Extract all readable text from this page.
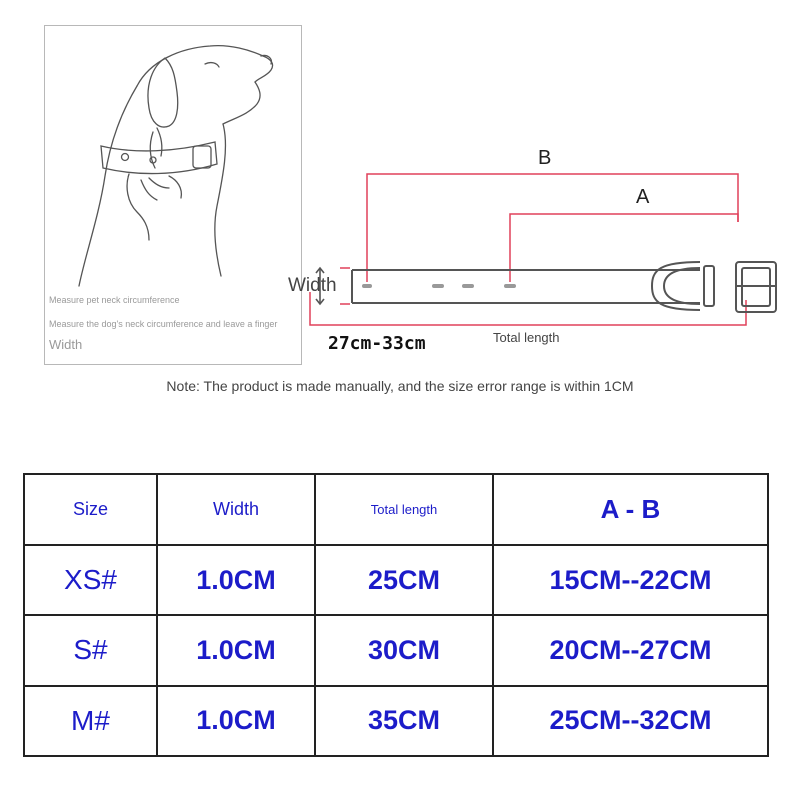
Measure pet neck circumference
Measure the dog's neck circumference and leave a finger
Width
B
A
Width
27cm-33cm	Total length
Note: The product is made manually, and the size error range is within 1CM
Size	Width	Total length	A - B
XS#	1.0CM	25CM	15CM--22CM
S#	1.0CM	30CM	20CM--27CM
M#	1.0CM	35CM	25CM--32CM
